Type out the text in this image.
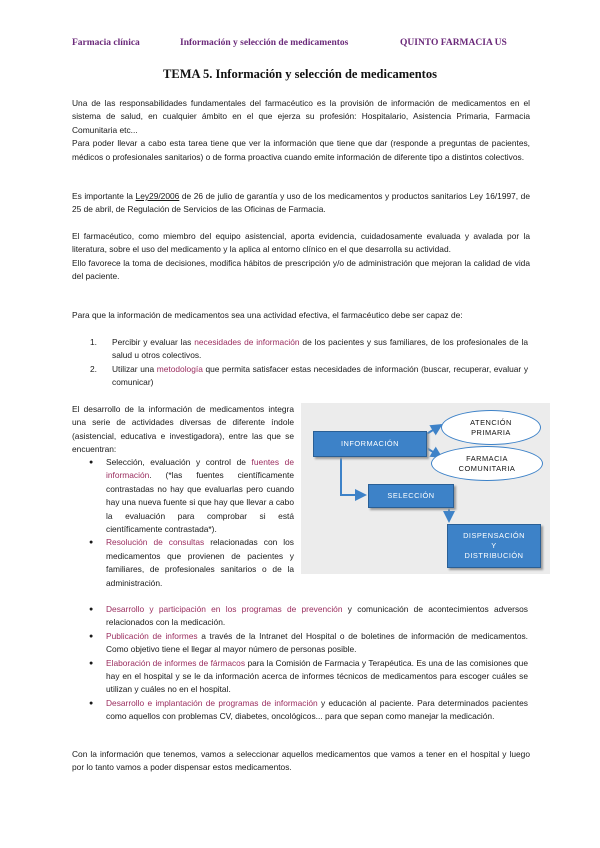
Farmacia clínica	Información y selección de medicamentos	QUINTO FARMACIA US
TEMA 5. Información y selección de medicamentos
Una de las responsabilidades fundamentales del farmacéutico es la provisión de información de medicamentos en el sistema de salud, en cualquier ámbito en el que ejerza su profesión: Hospitalario, Asistencia Primaria, Farmacia Comunitaria etc...
Para poder llevar a cabo esta tarea tiene que ver la información que tiene que dar (responde a preguntas de pacientes, médicos o profesionales sanitarios) o de forma proactiva cuando emite información de diferente tipo a distintos colectivos.
Es importante la Ley29/2006 de 26 de julio de garantía y uso de los medicamentos y productos sanitarios Ley 16/1997, de 25 de abril, de Regulación de Servicios de las Oficinas de Farmacia.
El farmacéutico, como miembro del equipo asistencial, aporta evidencia, cuidadosamente evaluada y avalada por la literatura, sobre el uso del medicamento y la aplica al entorno clínico en el que desarrolla su actividad.
Ello favorece la toma de decisiones, modifica hábitos de prescripción y/o de administración que mejoran la calidad de vida del paciente.
Para que la información de medicamentos sea una actividad efectiva, el farmacéutico debe ser capaz de:
1. Percibir y evaluar las necesidades de información de los pacientes y sus familiares, de los profesionales de la salud u otros colectivos.
2. Utilizar una metodología que permita satisfacer estas necesidades de información (buscar, recuperar, evaluar y comunicar)
El desarrollo de la información de medicamentos integra una serie de actividades diversas de diferente índole (asistencial, educativa e investigadora), entre las que se encuentran:
● Selección, evaluación y control de fuentes de información. (*las fuentes científicamente contrastadas no hay que evaluarlas pero cuando hay una nueva fuente si que hay que llevar a cabo la evaluación para comprobar si está científicamente contrastada*).
● Resolución de consultas relacionadas con los medicamentos que provienen de pacientes y familiares, de profesionales sanitarios o de la administración.
● Desarrollo y participación en los programas de prevención y comunicación de acontecimientos adversos relacionados con la medicación.
● Publicación de informes a través de la Intranet del Hospital o de boletines de información de medicamentos. Como objetivo tiene el llegar al mayor número de personas posible.
● Elaboración de informes de fármacos para la Comisión de Farmacia y Terapéutica. Es una de las comisiones que hay en el hospital y se le da información acerca de informes técnicos de medicamentos para escoger cuáles se utilizan y cuáles no en el hospital.
● Desarrollo e implantación de programas de información y educación al paciente. Para determinados pacientes como aquellos con problemas CV, diabetes, oncológicos... para que sepan como manejar la medicación.
Con la información que tenemos, vamos a seleccionar aquellos medicamentos que vamos a tener en el hospital y luego por lo tanto vamos a poder dispensar estos medicamentos.
INFORMACIÓN
ATENCIÓN
PRIMARIA
FARMACIA
COMUNITARIA
SELECCIÓN
DISPENSACIÓN
Y
DISTRIBUCIÓN
